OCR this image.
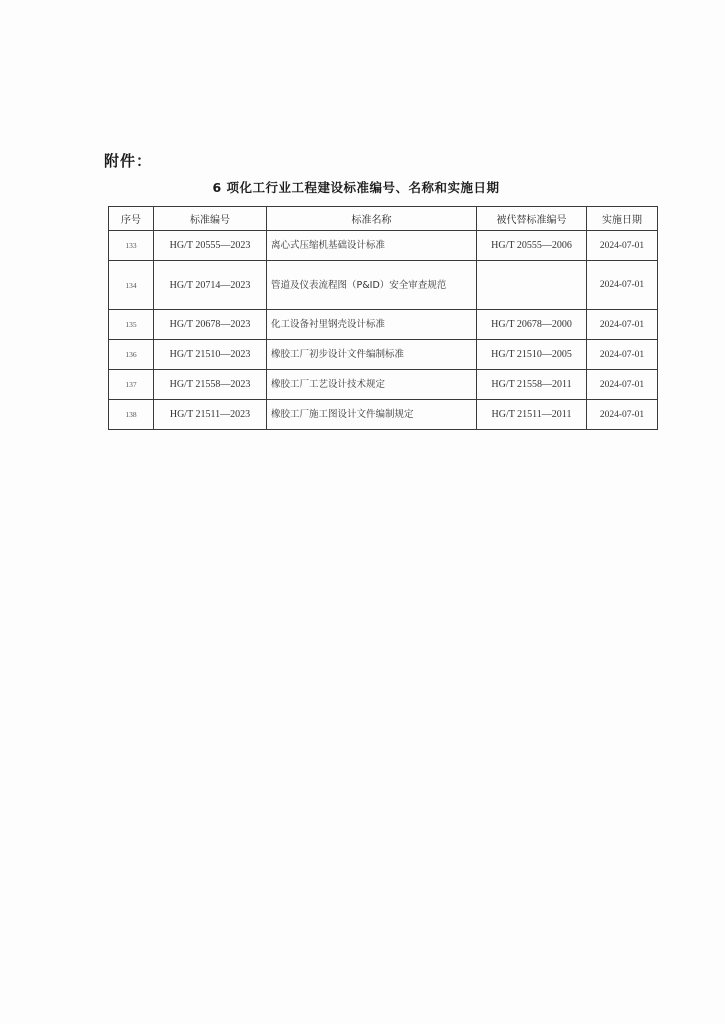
附件：
6 项化工行业工程建设标准编号、名称和实施日期
序号	标准编号	标准名称	被代替标准编号	实施日期
133	HG/T 20555—2023	离心式压缩机基础设计标准	HG/T 20555—2006	2024-07-01
134	HG/T 20714—2023	管道及仪表流程图（P&ID）安全审查规范		2024-07-01
135	HG/T 20678—2023	化工设备衬里钢壳设计标准	HG/T 20678—2000	2024-07-01
136	HG/T 21510—2023	橡胶工厂初步设计文件编制标准	HG/T 21510—2005	2024-07-01
137	HG/T 21558—2023	橡胶工厂工艺设计技术规定	HG/T 21558—2011	2024-07-01
138	HG/T 21511—2023	橡胶工厂施工图设计文件编制规定	HG/T 21511—2011	2024-07-01
